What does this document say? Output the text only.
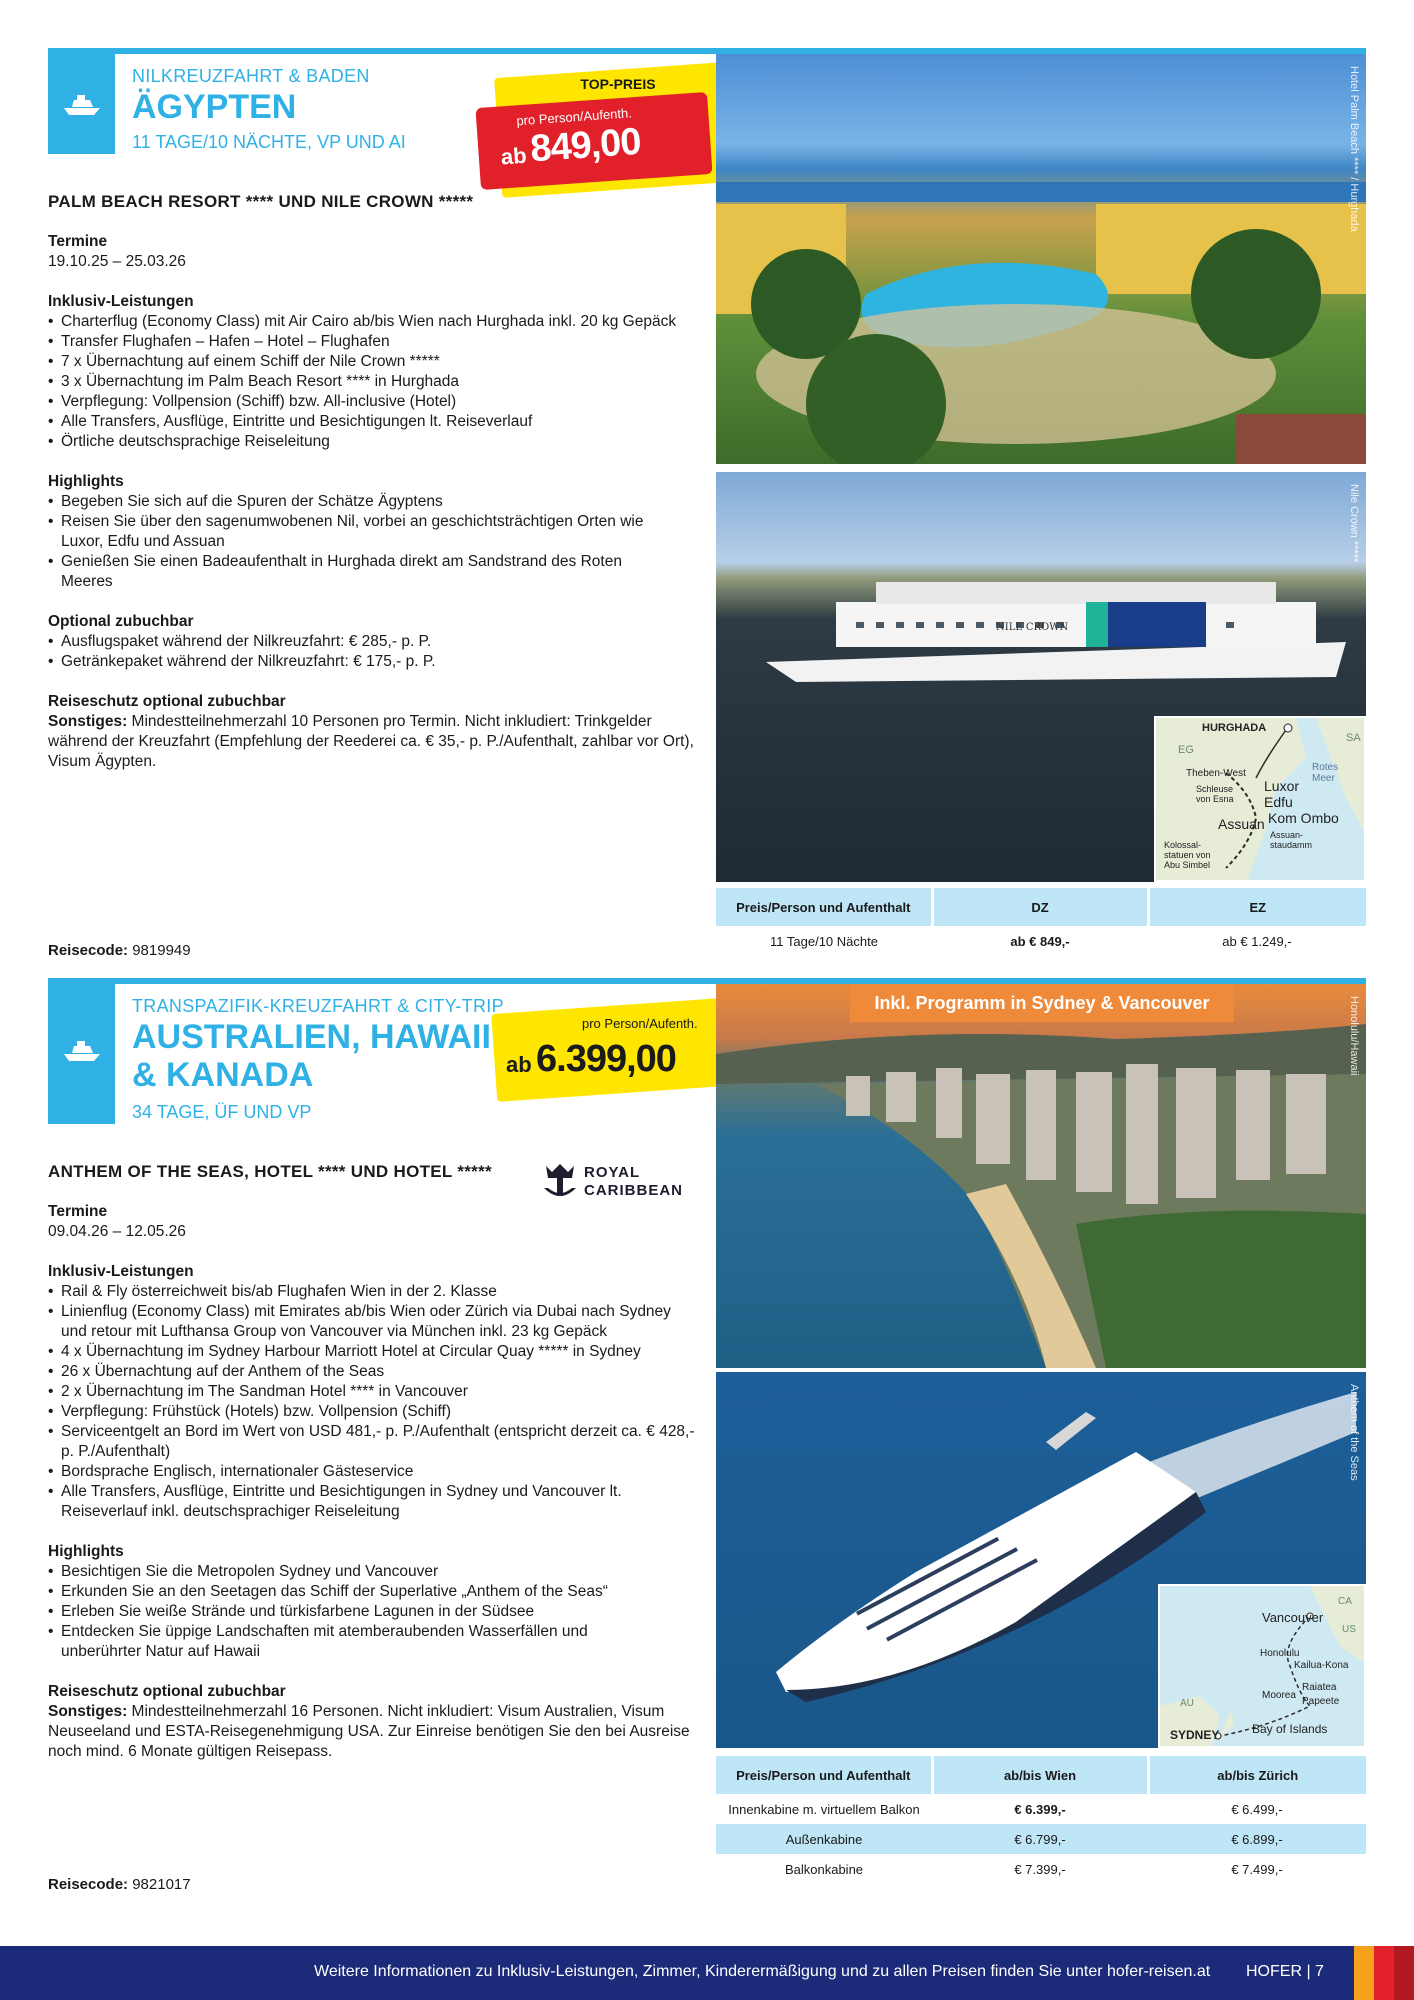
NILKREUZFAHRT & BADEN
ÄGYPTEN
11 TAGE/10 NÄCHTE, VP UND AI
TOP-PREIS
pro Person/Aufenth.
ab 849,00
PALM BEACH RESORT **** UND NILE CROWN *****
Termine
19.10.25 – 25.03.26
Inklusiv-Leistungen
• Charterflug (Economy Class) mit Air Cairo ab/bis Wien nach Hurghada inkl. 20 kg Gepäck
• Transfer Flughafen – Hafen – Hotel – Flughafen
• 7 x Übernachtung auf einem Schiff der Nile Crown *****
• 3 x Übernachtung im Palm Beach Resort **** in Hurghada
• Verpflegung: Vollpension (Schiff) bzw. All-inclusive (Hotel)
• Alle Transfers, Ausflüge, Eintritte und Besichtigungen lt. Reiseverlauf
• Örtliche deutschsprachige Reiseleitung
Highlights
• Begeben Sie sich auf die Spuren der Schätze Ägyptens
• Reisen Sie über den sagenumwobenen Nil, vorbei an geschichtsträchtigen Orten wie Luxor, Edfu und Assuan
• Genießen Sie einen Badeaufenthalt in Hurghada direkt am Sandstrand des Roten Meeres
Optional zubuchbar
• Ausflugspaket während der Nilkreuzfahrt: € 285,- p. P.
• Getränkepaket während der Nilkreuzfahrt: € 175,- p. P.
Reiseschutz optional zubuchbar
Sonstiges: Mindestteilnehmerzahl 10 Personen pro Termin. Nicht inkludiert: Trinkgelder während der Kreuzfahrt (Empfehlung der Reederei ca. € 35,- p. P./Aufenthalt, zahlbar vor Ort), Visum Ägypten.
Reisecode: 9819949
Hotel Palm Beach **** / Hurghada
NILE CROWN
Nile Crown *****
HURGHADA
EG
SA
Rotes Meer
Theben-West
Schleuse von Esna
Luxor
Edfu
Kom Ombo
Assuan
Assuan-staudamm
Kolossal-statuen von Abu Simbel
Preis/Person und Aufenthalt	DZ	EZ
11 Tage/10 Nächte	ab € 849,-	ab € 1.249,-
TRANSPAZIFIK-KREUZFAHRT & CITY-TRIP
AUSTRALIEN, HAWAII
& KANADA
34 TAGE, ÜF UND VP
pro Person/Aufenth.
ab 6.399,00
ANTHEM OF THE SEAS, HOTEL **** UND HOTEL *****
Termine
09.04.26 – 12.05.26
Inklusiv-Leistungen
• Rail & Fly österreichweit bis/ab Flughafen Wien in der 2. Klasse
• Linienflug (Economy Class) mit Emirates ab/bis Wien oder Zürich via Dubai nach Sydney und retour mit Lufthansa Group von Vancouver via München inkl. 23 kg Gepäck
• 4 x Übernachtung im Sydney Harbour Marriott Hotel at Circular Quay ***** in Sydney
• 26 x Übernachtung auf der Anthem of the Seas
• 2 x Übernachtung im The Sandman Hotel **** in Vancouver
• Verpflegung: Frühstück (Hotels) bzw. Vollpension (Schiff)
• Serviceentgelt an Bord im Wert von USD 481,- p. P./Aufenthalt (entspricht derzeit ca. € 428,- p. P./Aufenthalt)
• Bordsprache Englisch, internationaler Gästeservice
• Alle Transfers, Ausflüge, Eintritte und Besichtigungen in Sydney und Vancouver lt. Reiseverlauf inkl. deutschsprachiger Reiseleitung
Highlights
• Besichtigen Sie die Metropolen Sydney und Vancouver
• Erkunden Sie an den Seetagen das Schiff der Superlative „Anthem of the Seas“
• Erleben Sie weiße Strände und türkisfarbene Lagunen in der Südsee
• Entdecken Sie üppige Landschaften mit atemberaubenden Wasserfällen und unberührter Natur auf Hawaii
Reiseschutz optional zubuchbar
Sonstiges: Mindestteilnehmerzahl 16 Personen. Nicht inkludiert: Visum Australien, Visum Neuseeland und ESTA-Reisegenehmigung USA. Zur Einreise benötigen Sie den bei Ausreise noch mind. 6 Monate gültigen Reisepass.
ROYAL
CARIBBEAN
Reisecode: 9821017
Inkl. Programm in Sydney & Vancouver	Honolulu/Hawaii
Anthem of the Seas
Vancouver
CA
US
Honolulu
Kailua-Kona
Raiatea
Moorea
Papeete
AU
SYDNEY	Bay of Islands
Preis/Person und Aufenthalt	ab/bis Wien	ab/bis Zürich
Innenkabine m. virtuellem Balkon	€ 6.399,-	€ 6.499,-
Außenkabine	€ 6.799,-	€ 6.899,-
Balkonkabine	€ 7.399,-	€ 7.499,-
Weitere Informationen zu Inklusiv-Leistungen, Zimmer, Kinderermäßigung und zu allen Preisen finden Sie unter hofer-reisen.at HOFER | 7
